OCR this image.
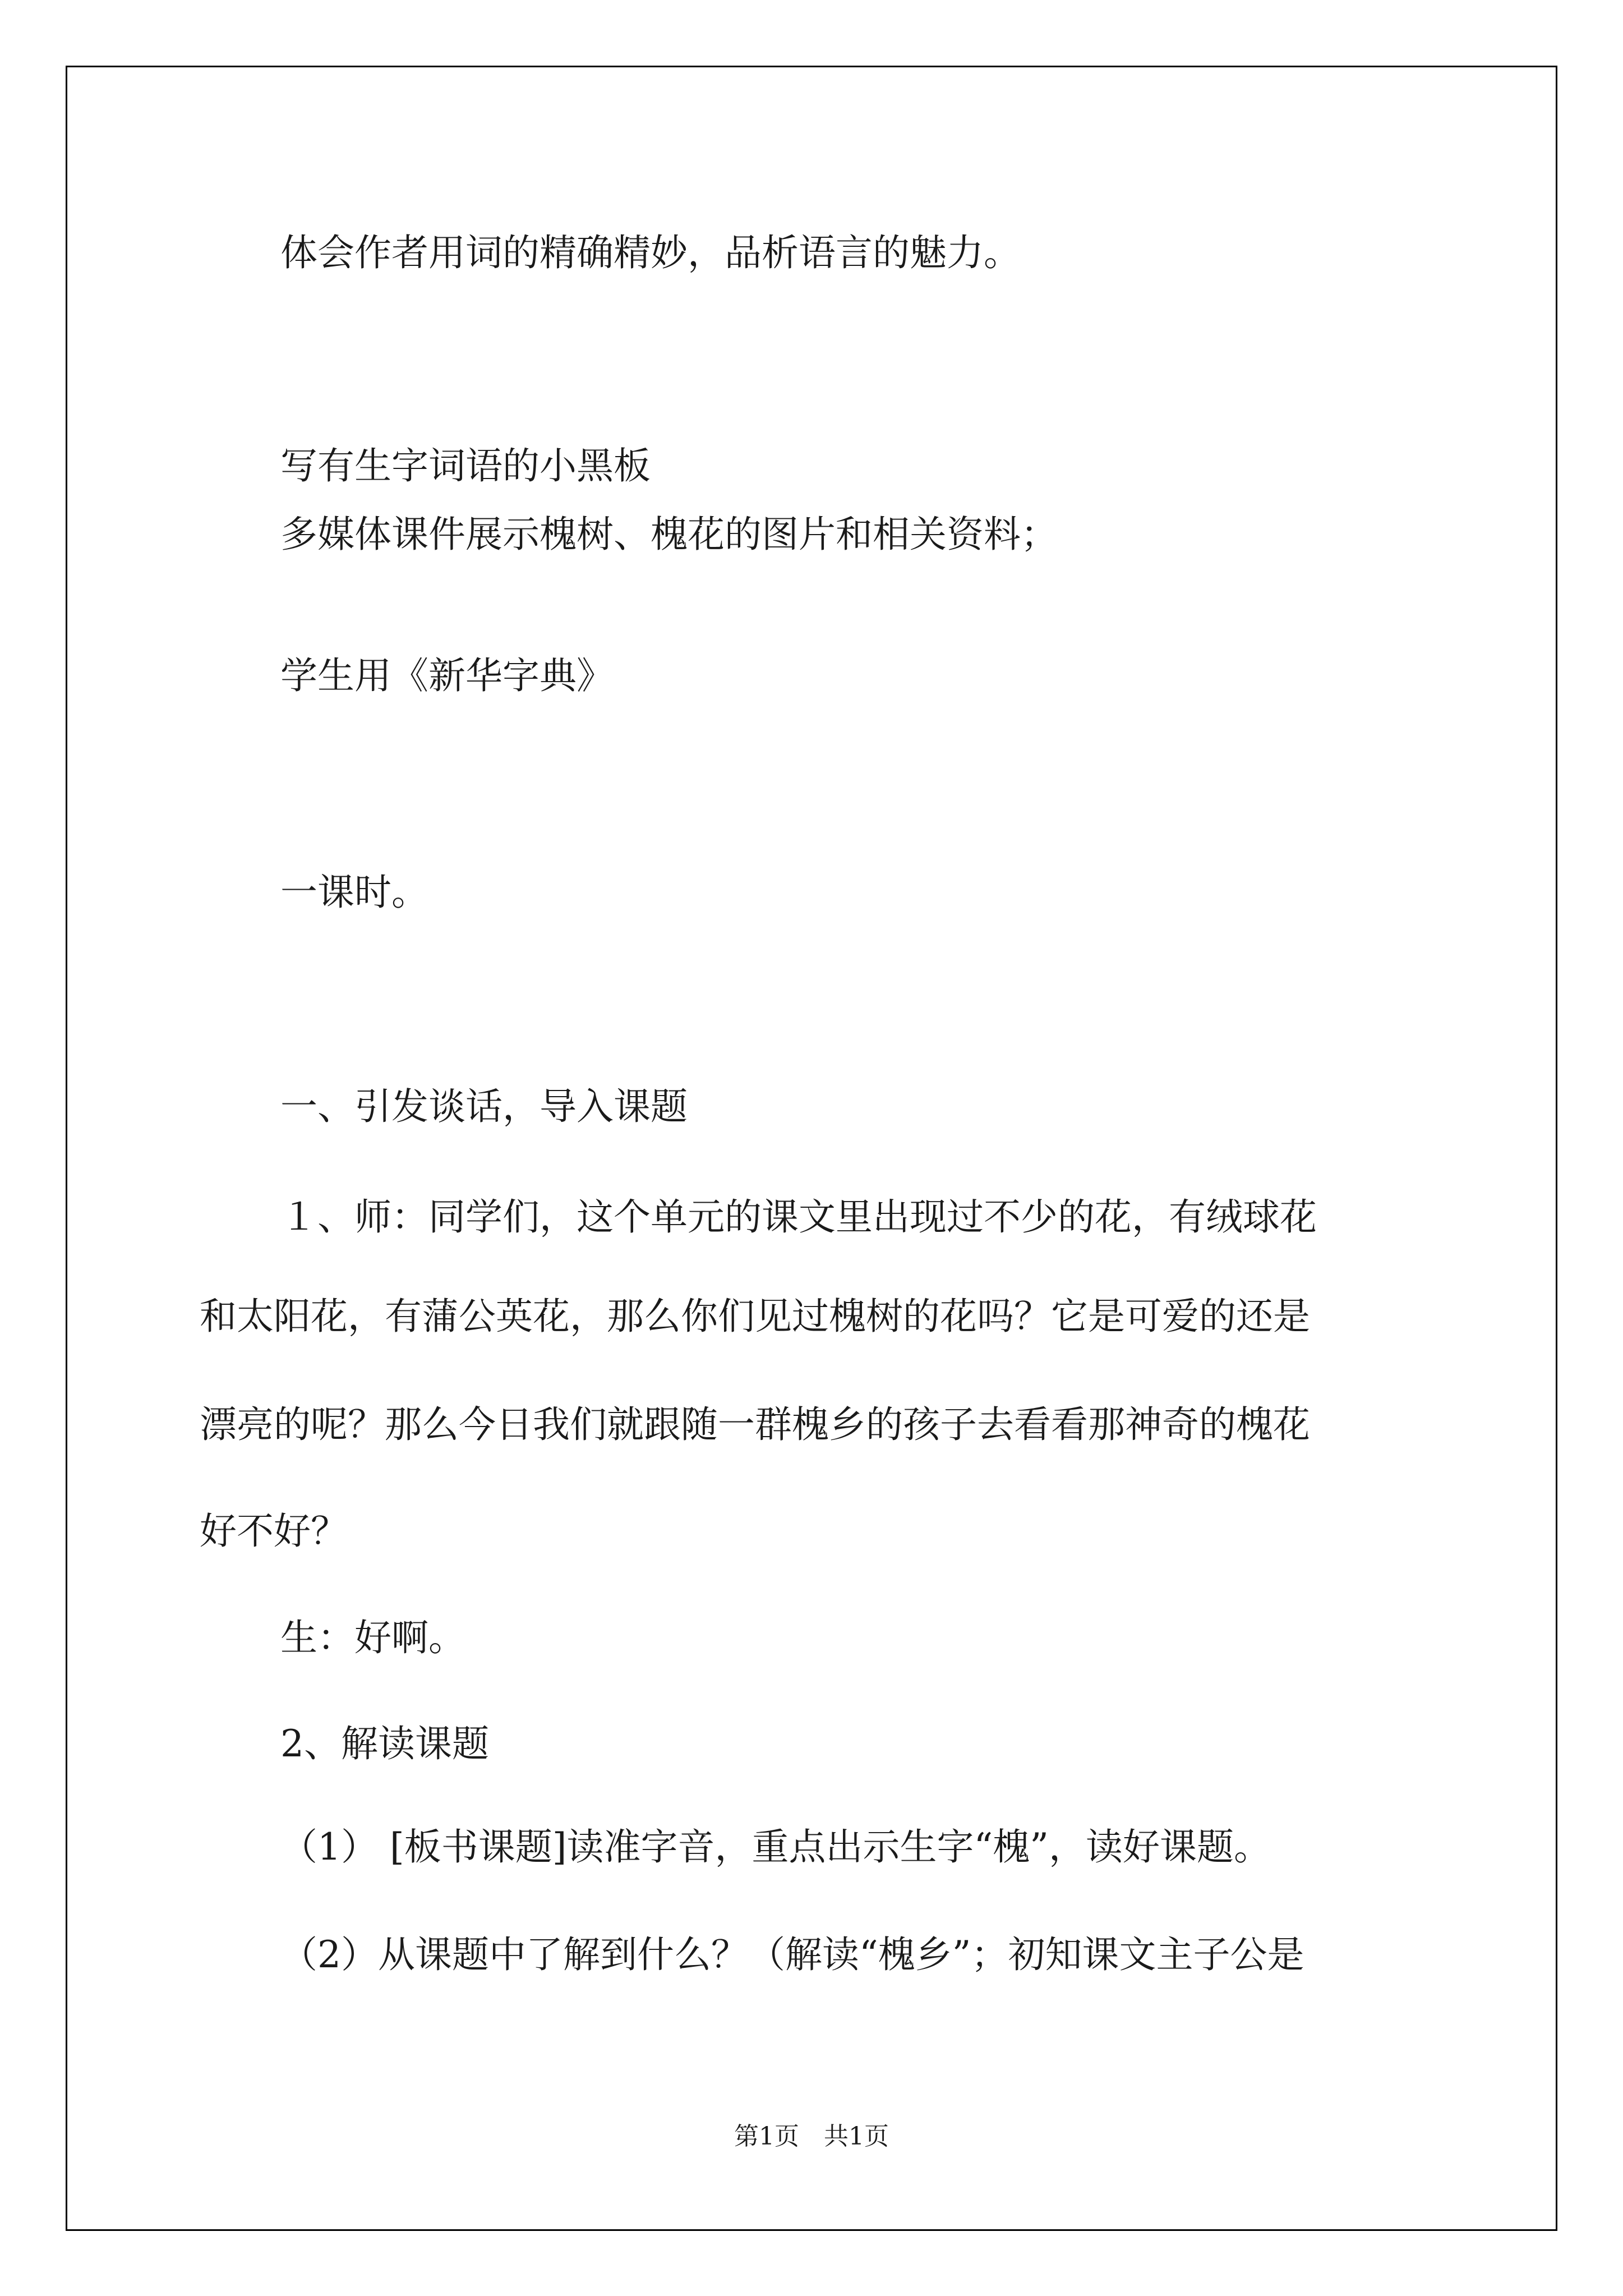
体会作者用词的精确精妙，品析语言的魅力。
写有生字词语的小黑板
多媒体课件展示槐树、槐花的图片和相关资料；
学生用《新华字典》
一课时。
一、引发谈话，导入课题
１、师：同学们，这个单元的课文里出现过不少的花，有绒球花
和太阳花，有蒲公英花，那么你们见过槐树的花吗？它是可爱的还是
漂亮的呢？那么今日我们就跟随一群槐乡的孩子去看看那神奇的槐花
好不好？
生：好啊。
2、解读课题
（1） [板书课题]读准字音，重点出示生字“槐”，读好课题。
（2）从课题中了解到什么？（解读“槐乡”；初知课文主子公是
第1页　共1页
